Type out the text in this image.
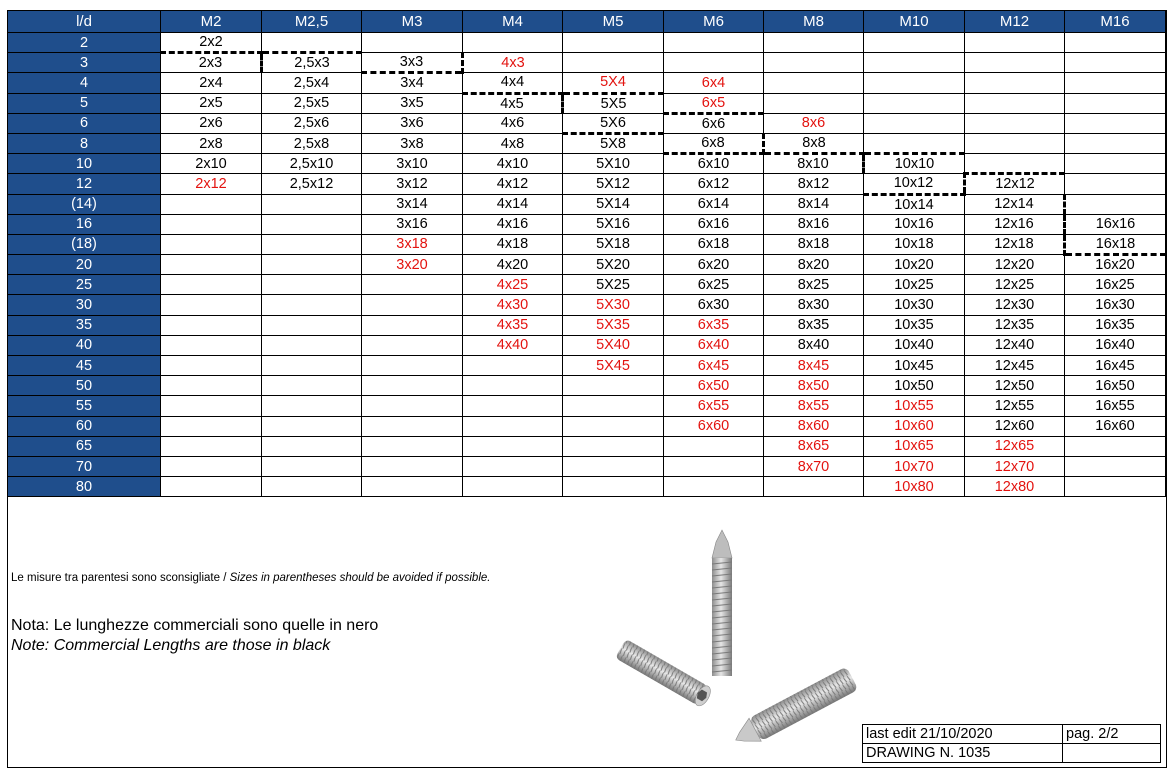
l/d	M2	M2,5	M3	M4	M5	M6	M8	M10	M12	M16
2	2x2									
3	2x3	2,5x3	3x3	4x3						
4	2x4	2,5x4	3x4	4x4	5X4	6x4				
5	2x5	2,5x5	3x5	4x5	5X5	6x5				
6	2x6	2,5x6	3x6	4x6	5X6	6x6	8x6			
8	2x8	2,5x8	3x8	4x8	5X8	6x8	8x8			
10	2x10	2,5x10	3x10	4x10	5X10	6x10	8x10	10x10		
12	2x12	2,5x12	3x12	4x12	5X12	6x12	8x12	10x12	12x12	
(14)			3x14	4x14	5X14	6x14	8x14	10x14	12x14	
16			3x16	4x16	5X16	6x16	8x16	10x16	12x16	16x16
(18)			3x18	4x18	5X18	6x18	8x18	10x18	12x18	16x18
20			3x20	4x20	5X20	6x20	8x20	10x20	12x20	16x20
25				4x25	5X25	6x25	8x25	10x25	12x25	16x25
30				4x30	5X30	6x30	8x30	10x30	12x30	16x30
35				4x35	5X35	6x35	8x35	10x35	12x35	16x35
40				4x40	5X40	6x40	8x40	10x40	12x40	16x40
45					5X45	6x45	8x45	10x45	12x45	16x45
50						6x50	8x50	10x50	12x50	16x50
55						6x55	8x55	10x55	12x55	16x55
60						6x60	8x60	10x60	12x60	16x60
65							8x65	10x65	12x65	
70							8x70	10x70	12x70	
80								10x80	12x80	
Le misure tra parentesi sono sconsigliate / Sizes in parentheses should be avoided if possible.
Nota: Le lunghezze commerciali sono quelle in nero
Note: Commercial Lengths are those in black
last edit 21/10/2020	pag. 2/2
DRAWING N. 1035	
